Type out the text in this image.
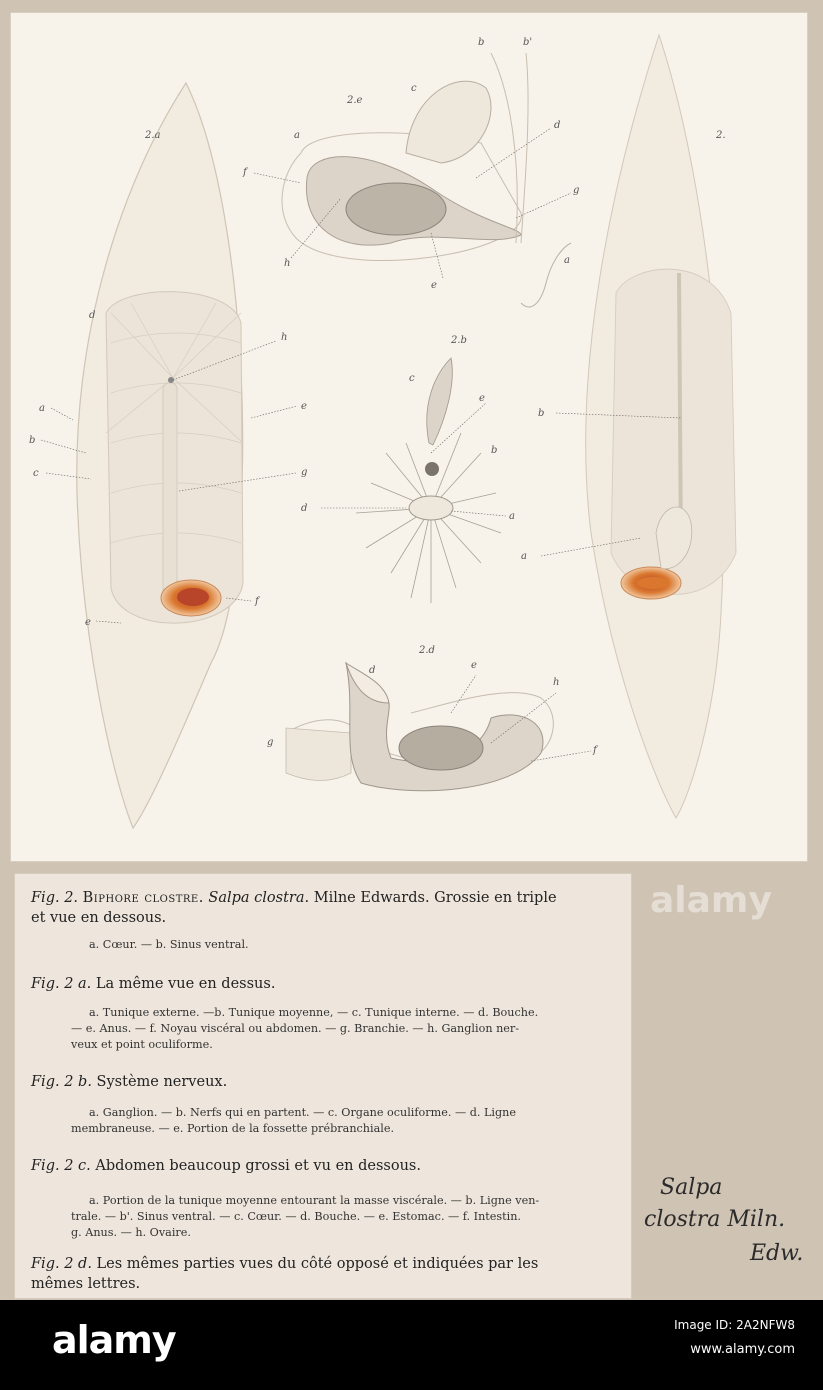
2.a
2.e
2.b
2.
2.d
d
a
b
c
h
e
g
f
e
b	b'
c
a
d
f
g
h
e
a
c
e
b
d
a
b
a
d	e
h
g
f
Fig. 2. Biphore clostre. Salpa clostra. Milne Edwards. Grossie en triple
et vue en dessous.
a. Cœur. — b. Sinus ventral.
Fig. 2 a. La même vue en dessus.
a. Tunique externe. —b. Tunique moyenne, — c. Tunique interne. — d. Bouche.
— e. Anus. — f. Noyau viscéral ou abdomen. — g. Branchie. — h. Ganglion ner-
veux et point oculiforme.
Fig. 2 b. Système nerveux.
a. Ganglion. — b. Nerfs qui en partent. — c. Organe oculiforme. — d. Ligne
membraneuse. — e. Portion de la fossette prébranchiale.
Fig. 2 c. Abdomen beaucoup grossi et vu en dessous.
a. Portion de la tunique moyenne entourant la masse viscérale. — b. Ligne ven-
trale. — b'. Sinus ventral. — c. Cœur. — d. Bouche. — e. Estomac. — f. Intestin.
g. Anus. — h. Ovaire.
Fig. 2 d. Les mêmes parties vues du côté opposé et indiquées par les
mêmes lettres.
Salpa
clostra Miln.
Edw.
alamy
alamy	Image ID: 2A2NFW8
www.alamy.com
